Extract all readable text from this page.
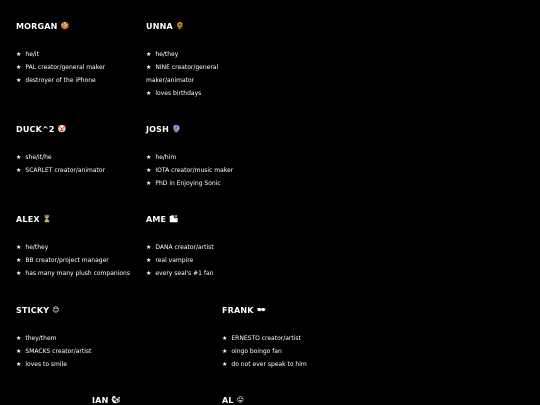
MORGAN 🍪
★ he/it
★ PAL creator/general maker
★ destroyer of the iPhone
UNNA 🌻
★ he/they
★ NINE creator/general maker/animator
★ loves birthdays
DUCK^2 🤡
★ she/it/he
★ SCARLET creator/animator
JOSH 🔮
★ he/him
★ IOTA creator/music maker
★ PhD in Enjoying Sonic
ALEX ⏳
★ he/they
★ BB creator/project manager
★ has many many plush companions
AME 🏙
★ DANA creator/artist
★ real vampire
★ every seal's #1 fan
STICKY 😊
★ they/them
★ SMACKS creator/artist
★ loves to smile
FRANK 🕶
★ ERNESTO creator/artist
★ oingo boingo fan
★ do not ever speak to him
IAN 🐿	AL 😛
